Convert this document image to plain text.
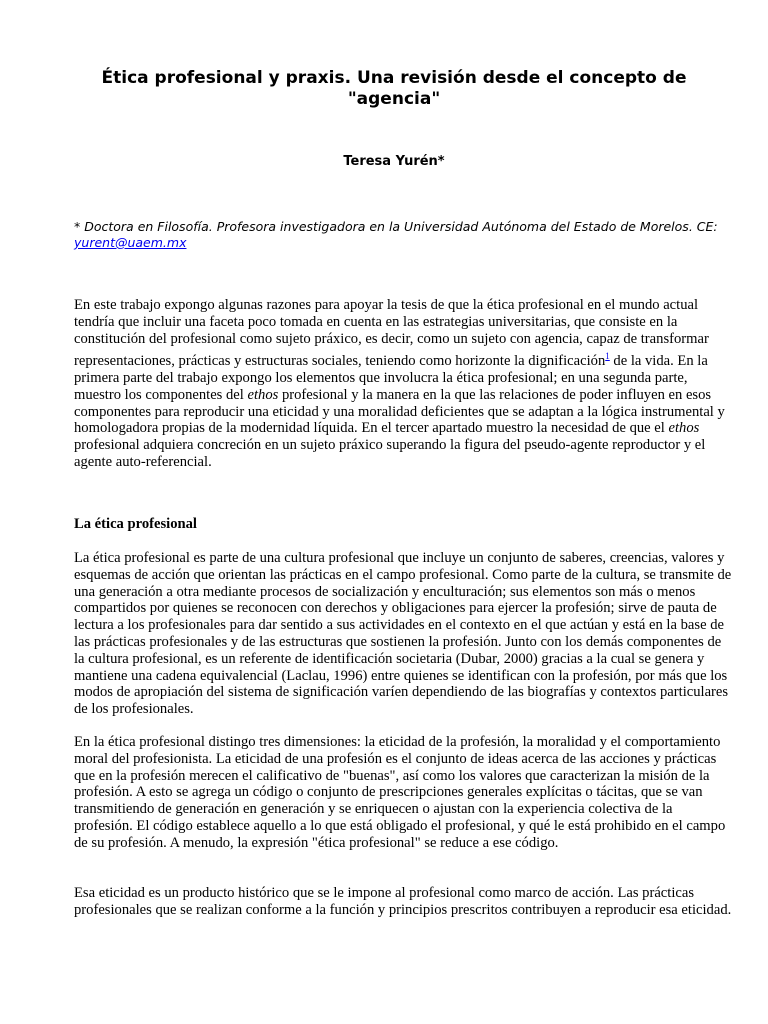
Ética profesional y praxis. Una revisión desde el concepto de "agencia"
Teresa Yurén*
* Doctora en Filosofía. Profesora investigadora en la Universidad Autónoma del Estado de Morelos. CE: yurent@uaem.mx

En este trabajo expongo algunas razones para apoyar la tesis de que la ética profesional en el mundo actual tendría que incluir una faceta poco tomada en cuenta en las estrategias universitarias, que consiste en la constitución del profesional como sujeto práxico, es decir, como un sujeto con agencia, capaz de transformar representaciones, prácticas y estructuras sociales, teniendo como horizonte la dignificación$^1$ de la vida. En la primera parte del trabajo expongo los elementos que involucra la ética profesional; en una segunda parte, muestro los componentes del ethos profesional y la manera en la que las relaciones de poder influyen en esos componentes para reproducir una eticidad y una moralidad deficientes que se adaptan a la lógica instrumental y homologadora propias de la modernidad líquida. En el tercer apartado muestro la necesidad de que el ethos profesional adquiera concreción en un sujeto práxico superando la figura del pseudo-agente reproductor y el agente auto-referencial.

La ética profesional

La ética profesional es parte de una cultura profesional que incluye un conjunto de saberes, creencias, valores y esquemas de acción que orientan las prácticas en el campo profesional. Como parte de la cultura, se transmite de una generación a otra mediante procesos de socialización y enculturación; sus elementos son más o menos compartidos por quienes se reconocen con derechos y obligaciones para ejercer la profesión; sirve de pauta de lectura a los profesionales para dar sentido a sus actividades en el contexto en el que actúan y está en la base de las prácticas profesionales y de las estructuras que sostienen la profesión. Junto con los demás componentes de la cultura profesional, es un referente de identificación societaria (Dubar, 2000) gracias a la cual se genera y mantiene una cadena equivalencial (Laclau, 1996) entre quienes se identifican con la profesión, por más que los modos de apropiación del sistema de significación varíen dependiendo de las biografías y contextos particulares de los profesionales.

En la ética profesional distingo tres dimensiones: la eticidad de la profesión, la moralidad y el comportamiento moral del profesionista. La eticidad de una profesión es el conjunto de ideas acerca de las acciones y prácticas que en la profesión merecen el calificativo de "buenas", así como los valores que caracterizan la misión de la profesión. A esto se agrega un código o conjunto de prescripciones generales explícitas o tácitas, que se van transmitiendo de generación en generación y se enriquecen o ajustan con la experiencia colectiva de la profesión. El código establece aquello a lo que está obligado el profesional, y qué le está prohibido en el campo de su profesión. A menudo, la expresión "ética profesional" se reduce a ese código.

Esa eticidad es un producto histórico que se le impone al profesional como marco de acción. Las prácticas profesionales que se realizan conforme a la función y principios prescritos contribuyen a reproducir esa eticidad.
